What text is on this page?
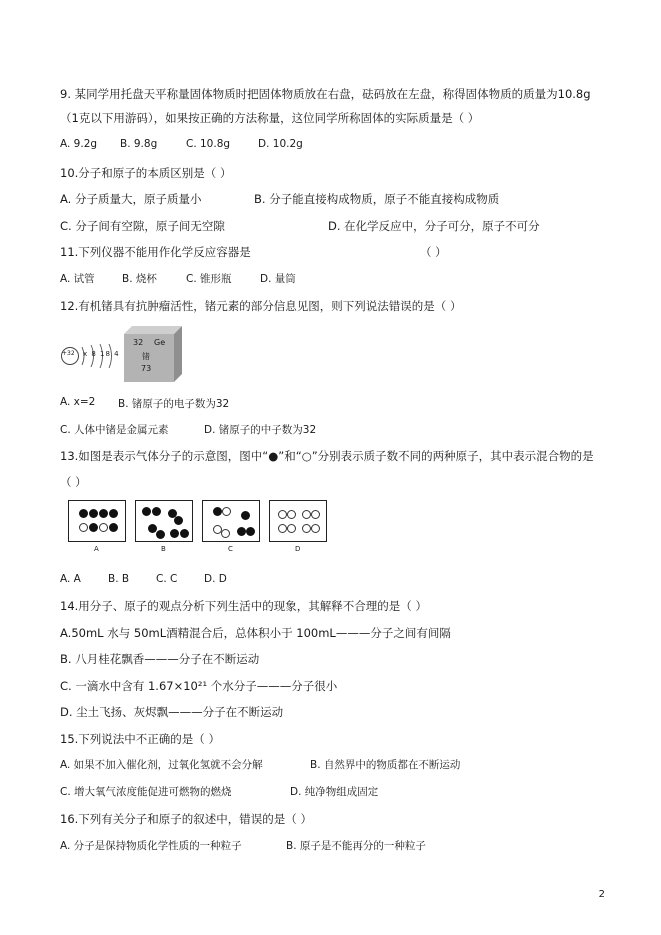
9. 某同学用托盘天平称量固体物质时把固体物质放在右盘，砝码放在左盘，称得固体物质的质量为10.8g
（1克以下用游码），如果按正确的方法称量，这位同学所称固体的实际质量是（ ）
A. 9.2g B. 9.8g	C. 10.8g	D. 10.2g
10.分子和原子的本质区别是（ ）
A. 分子质量大，原子质量小	B. 分子能直接构成物质，原子不能直接构成物质
C. 分子间有空隙，原子间无空隙	D. 在化学反应中，分子可分，原子不可分
11.下列仪器不能用作化学反应容器是	（ ）
A. 试管	B. 烧杯	C. 锥形瓶	D. 量筒
12.有机锗具有抗肿瘤活性，锗元素的部分信息见图，则下列说法错误的是（ ）
+32 x 8 18 4
32 Ge
锗
73
A. x=2 B. 锗原子的电子数为32
C. 人体中锗是金属元素	D. 锗原子的中子数为32
13.如图是表示气体分子的示意图，图中“●”和“○”分别表示质子数不同的两种原子，其中表示混合物的是
（ ）
A	B	C	D
A. A	B. B	C. C	D. D
14.用分子、原子的观点分析下列生活中的现象，其解释不合理的是（ ）
A.50mL 水与 50mL酒精混合后，总体积小于 100mL———分子之间有间隔
B. 八月桂花飘香———分子在不断运动
C. 一滴水中含有 1.67×10²¹ 个水分子———分子很小
D. 尘土飞扬、灰烬飘———分子在不断运动
15.下列说法中不正确的是（ ）
A. 如果不加入催化剂，过氧化氢就不会分解	B. 自然界中的物质都在不断运动
C. 增大氧气浓度能促进可燃物的燃烧	D. 纯净物组成固定
16.下列有关分子和原子的叙述中，错误的是（ ）
A. 分子是保持物质化学性质的一种粒子	B. 原子是不能再分的一种粒子
2
